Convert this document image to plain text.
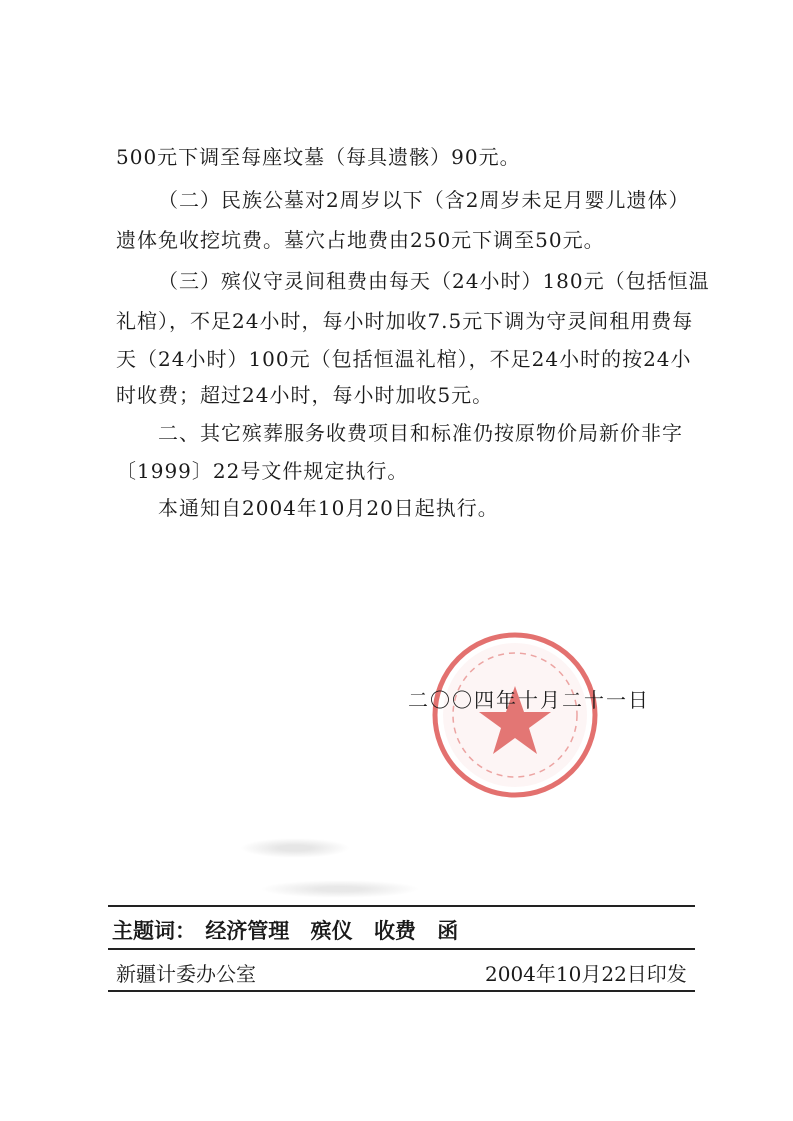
500元下调至每座坟墓（每具遗骸）90元。
（二）民族公墓对2周岁以下（含2周岁未足月婴儿遗体）
遗体免收挖坑费。墓穴占地费由250元下调至50元。
（三）殡仪守灵间租费由每天（24小时）180元（包括恒温
礼棺），不足24小时，每小时加收7.5元下调为守灵间租用费每
天（24小时）100元（包括恒温礼棺），不足24小时的按24小
时收费；超过24小时，每小时加收5元。
二、其它殡葬服务收费项目和标准仍按原物价局新价非字
〔1999〕22号文件规定执行。
本通知自2004年10月20日起执行。
二〇〇四年十月二十一日
主题词： 经济管理 殡仪 收费 函
新疆计委办公室	2004年10月22日印发
